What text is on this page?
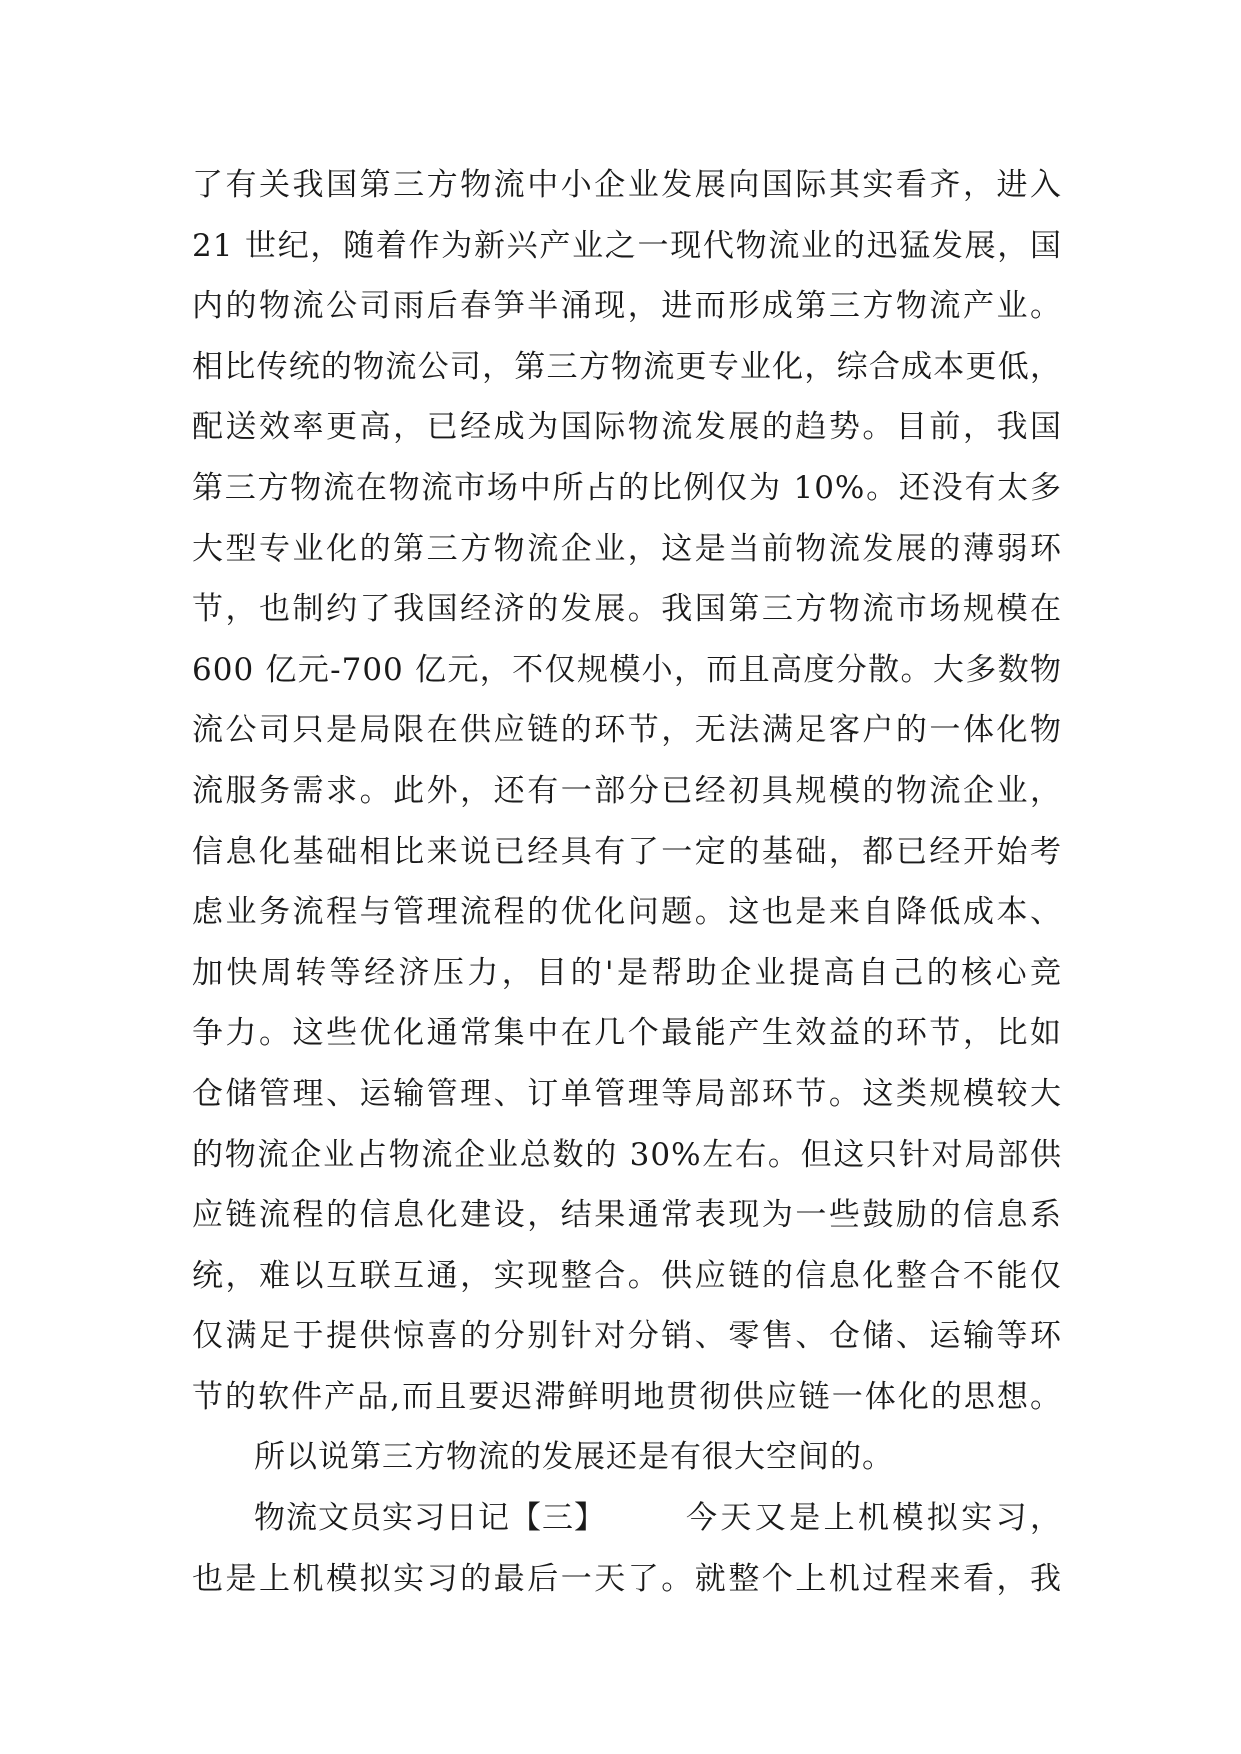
了有关我国第三方物流中小企业发展向国际其实看齐，进入
21 世纪，随着作为新兴产业之一现代物流业的迅猛发展，国
内的物流公司雨后春笋半涌现，进而形成第三方物流产业。
相比传统的物流公司，第三方物流更专业化，综合成本更低，
配送效率更高，已经成为国际物流发展的趋势。目前，我国
第三方物流在物流市场中所占的比例仅为 10%。还没有太多
大型专业化的第三方物流企业，这是当前物流发展的薄弱环
节，也制约了我国经济的发展。我国第三方物流市场规模在
600 亿元-700 亿元，不仅规模小，而且高度分散。大多数物
流公司只是局限在供应链的环节，无法满足客户的一体化物
流服务需求。此外，还有一部分已经初具规模的物流企业，
信息化基础相比来说已经具有了一定的基础，都已经开始考
虑业务流程与管理流程的优化问题。这也是来自降低成本、
加快周转等经济压力，目的'是帮助企业提高自己的核心竞
争力。这些优化通常集中在几个最能产生效益的环节，比如
仓储管理、运输管理、订单管理等局部环节。这类规模较大
的物流企业占物流企业总数的 30%左右。但这只针对局部供
应链流程的信息化建设，结果通常表现为一些鼓励的信息系
统，难以互联互通，实现整合。供应链的信息化整合不能仅
仅满足于提供惊喜的分别针对分销、零售、仓储、运输等环
节的软件产品,而且要迟滞鲜明地贯彻供应链一体化的思想。
所以说第三方物流的发展还是有很大空间的。
物流文员实习日记【三】	今天又是上机模拟实习，
也是上机模拟实习的最后一天了。就整个上机过程来看，我
